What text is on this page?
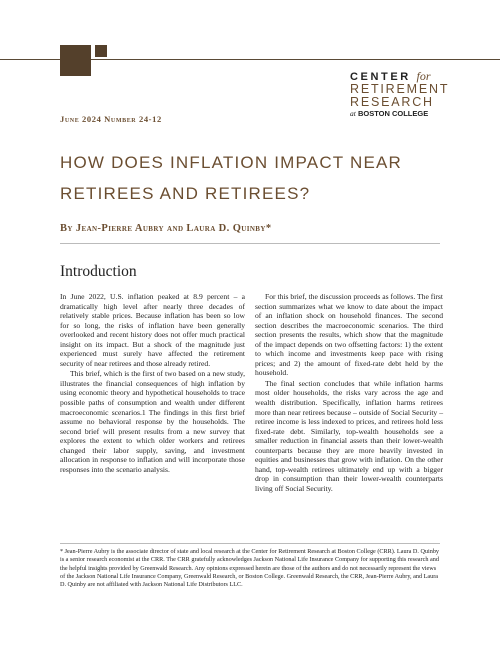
CENTER for
RETIREMENT
RESEARCH
at BOSTON COLLEGE
June 2024 Number 24-12
HOW DOES INFLATION IMPACT NEAR RETIREES AND RETIREES?
By Jean-Pierre Aubry and Laura D. Quinby*
Introduction

In June 2022, U.S. inflation peaked at 8.9 percent – a dramatically high level after nearly three decades of relatively stable prices. Because inflation has been so low for so long, the risks of inflation have been generally overlooked and recent history does not offer much practical insight on its impact. But a shock of the magnitude just experienced must surely have affected the retirement security of near retirees and those already retired.

This brief, which is the first of two based on a new study, illustrates the financial consequences of high inflation by using economic theory and hypothetical households to trace possible paths of consumption and wealth under different macroeconomic scenarios.1 The findings in this first brief assume no behavioral response by the households. The second brief will present results from a new survey that explores the extent to which older workers and retirees changed their labor supply, saving, and investment allocation in response to inflation and will incorporate those responses into the scenario analysis.

For this brief, the discussion proceeds as follows. The first section summarizes what we know to date about the impact of an inflation shock on household finances. The second section describes the macroeconomic scenarios. The third section presents the results, which show that the magnitude of the impact depends on two offsetting factors: 1) the extent to which income and investments keep pace with rising prices; and 2) the amount of fixed-rate debt held by the household.

The final section concludes that while inflation harms most older households, the risks vary across the age and wealth distribution. Specifically, inflation harms retirees more than near retirees because – outside of Social Security – retiree income is less indexed to prices, and retirees hold less fixed-rate debt. Similarly, top-wealth households see a smaller reduction in financial assets than their lower-wealth counterparts because they are more heavily invested in equities and businesses that grow with inflation. On the other hand, top-wealth retirees ultimately end up with a bigger drop in consumption than their lower-wealth counterparts living off Social Security.

* Jean-Pierre Aubry is the associate director of state and local research at the Center for Retirement Research at Boston College (CRR). Laura D. Quinby is a senior research economist at the CRR. The CRR gratefully acknowledges Jackson National Life Insurance Company for supporting this research and the helpful insights provided by Greenwald Research. Any opinions expressed herein are those of the authors and do not necessarily represent the views of the Jackson National Life Insurance Company, Greenwald Research, or Boston College. Greenwald Research, the CRR, Jean-Pierre Aubry, and Laura D. Quinby are not affiliated with Jackson National Life Distributors LLC.
